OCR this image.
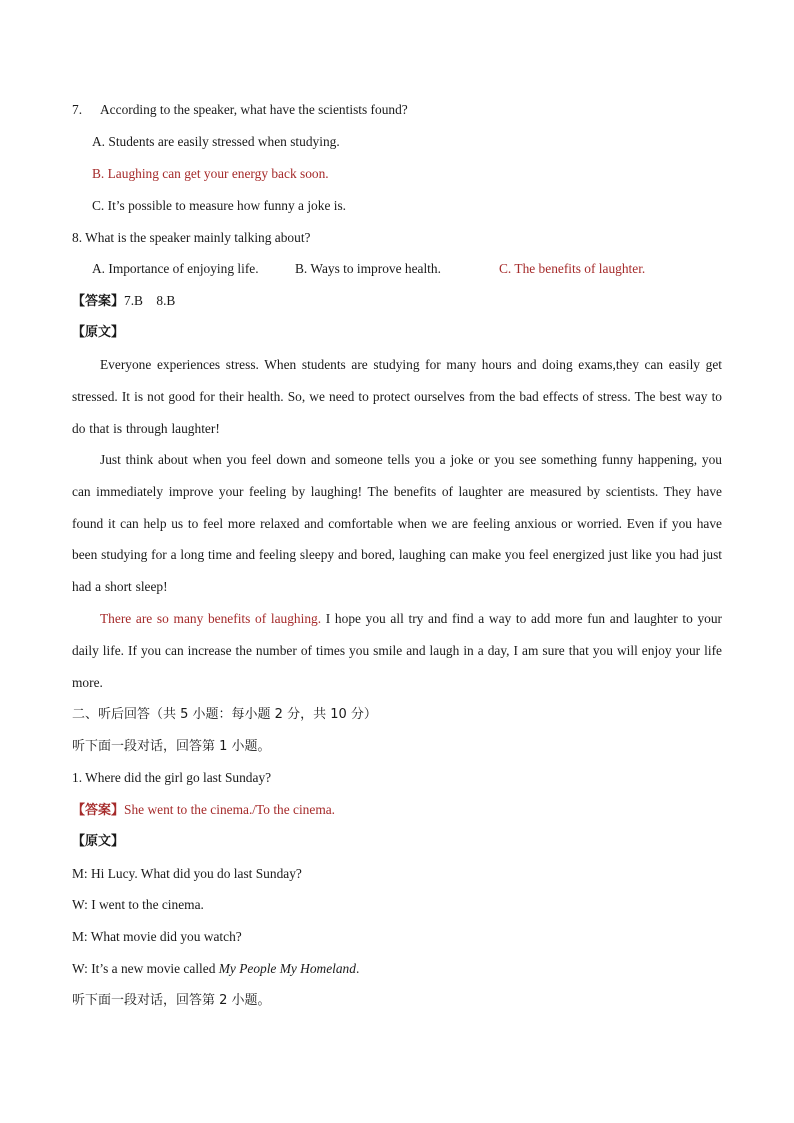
7. According to the speaker, what have the scientists found?
A. Students are easily stressed when studying.
B. Laughing can get your energy back soon.
C. It’s possible to measure how funny a joke is.
8. What is the speaker mainly talking about?
A. Importance of enjoying life.	B. Ways to improve health.	C. The benefits of laughter.
【答案】7.B    8.B
【原文】
Everyone experiences stress. When students are studying for many hours and doing exams,they can easily get stressed. It is not good for their health. So, we need to protect ourselves from the bad effects of stress. The best way to do that is through laughter!
Just think about when you feel down and someone tells you a joke or you see something funny happening, you can immediately improve your feeling by laughing! The benefits of laughter are measured by scientists. They have found it can help us to feel more relaxed and comfortable when we are feeling anxious or worried. Even if you have been studying for a long time and feeling sleepy and bored, laughing can make you feel energized just like you had just had a short sleep!
There are so many benefits of laughing. I hope you all try and find a way to add more fun and laughter to your daily life. If you can increase the number of times you smile and laugh in a day, I am sure that you will enjoy your life more.
二、听后回答（共 5 小题：每小题 2 分，共 10 分）
听下面一段对话，回答第 1 小题。
1. Where did the girl go last Sunday?
【答案】She went to the cinema./To the cinema.
【原文】
M: Hi Lucy. What did you do last Sunday?
W: I went to the cinema.
M: What movie did you watch?
W: It’s a new movie called My People My Homeland.
听下面一段对话，回答第 2 小题。
